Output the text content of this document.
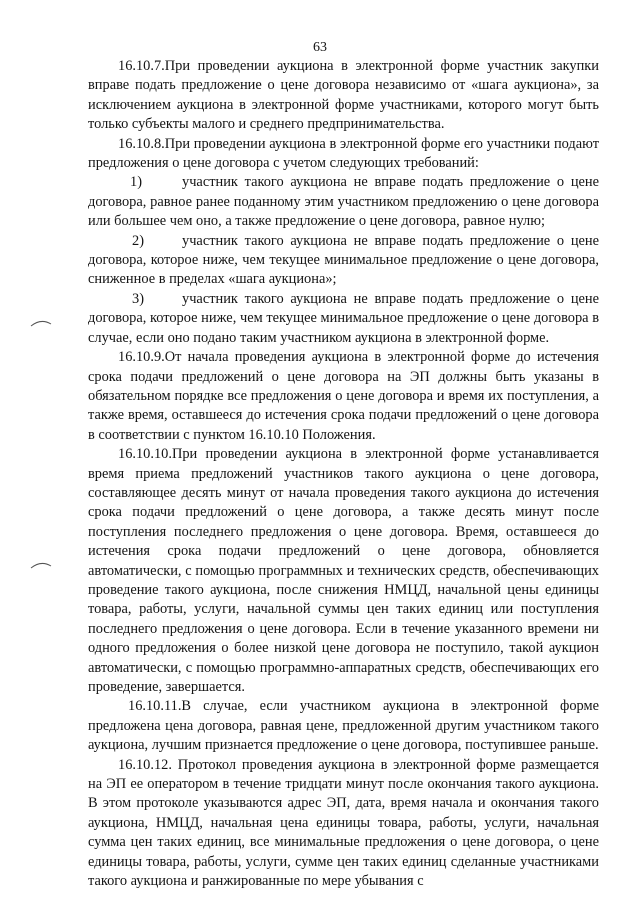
63

16.10.7.При проведении аукциона в электронной форме участник закупки вправе подать предложение о цене договора независимо от «шага аукциона», за исключением аукциона в электронной форме участниками, которого могут быть только субъекты малого и среднего предпринимательства.

16.10.8.При проведении аукциона в электронной форме его участники подают предложения о цене договора с учетом следующих требований:

1)	участник такого аукциона не вправе подать предложение о цене договора, равное ранее поданному этим участником предложению о цене договора или большее чем оно, а также предложение о цене договора, равное нулю;

2)	участник такого аукциона не вправе подать предложение о цене договора, которое ниже, чем текущее минимальное предложение о цене договора, сниженное в пределах «шага аукциона»;

3)	участник такого аукциона не вправе подать предложение о цене договора, которое ниже, чем текущее минимальное предложение о цене договора в случае, если оно подано таким участником аукциона в электронной форме.

16.10.9.От начала проведения аукциона в электронной форме до истечения срока подачи предложений о цене договора на ЭП должны быть указаны в обязательном порядке все предложения о цене договора и время их поступления, а также время, оставшееся до истечения срока подачи предложений о цене договора в соответствии с пунктом 16.10.10 Положения.

16.10.10.При проведении аукциона в электронной форме устанавливается время приема предложений участников такого аукциона о цене договора, составляющее десять минут от начала проведения такого аукциона до истечения срока подачи предложений о цене договора, а также десять минут после поступления последнего предложения о цене договора. Время, оставшееся до истечения срока подачи предложений о цене договора, обновляется автоматически, с помощью программных и технических средств, обеспечивающих проведение такого аукциона, после снижения НМЦД, начальной цены единицы товара, работы, услуги, начальной суммы цен таких единиц или поступления последнего предложения о цене договора. Если в течение указанного времени ни одного предложения о более низкой цене договора не поступило, такой аукцион автоматически, с помощью программно-аппаратных средств, обеспечивающих его проведение, завершается.

16.10.11.В случае, если участником аукциона в электронной форме предложена цена договора, равная цене, предложенной другим участником такого аукциона, лучшим признается предложение о цене договора, поступившее раньше.

16.10.12. Протокол проведения аукциона в электронной форме размещается на ЭП ее оператором в течение тридцати минут после окончания такого аукциона. В этом протоколе указываются адрес ЭП, дата, время начала и окончания такого аукциона, НМЦД, начальная цена единицы товара, работы, услуги, начальная сумма цен таких единиц, все минимальные предложения о цене договора, о цене единицы товара, работы, услуги, сумме цен таких единиц сделанные участниками такого аукциона и ранжированные по мере убывания с
